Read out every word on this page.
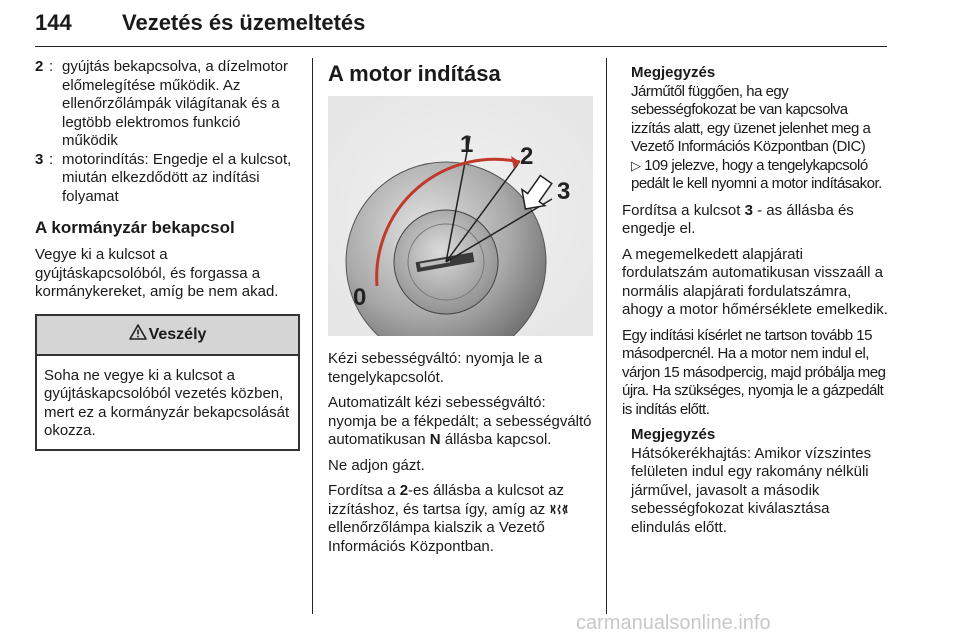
144 Vezetés és üzemeltetés
2 : gyújtás bekapcsolva, a dízelmotor előmelegítése működik. Az ellenőrzőlámpák világítanak és a legtöbb elektromos funkció működik
3 : motorindítás: Engedje el a kulcsot, miután elkezdődött az indítási folyamat
A kormányzár bekapcsol

Vegye ki a kulcsot a gyújtáskapcsolóból, és forgassa a kormánykereket, amíg be nem akad.

Veszély
Soha ne vegye ki a kulcsot a gyújtáskapcsolóból vezetés közben, mert ez a kormányzár bekapcsolását okozza.
A motor indítása
1 2
3
0

Kézi sebességváltó: nyomja le a tengelykapcsolót.

Automatizált kézi sebességváltó: nyomja be a fékpedált; a sebességváltó automatikusan N állásba kapcsol.

Ne adjon gázt.

Fordítsa a 2-es állásba a kulcsot az izzításhoz, és tartsa így, amíg az  ellenőrzőlámpa kialszik a Vezető Információs Központban.

Megjegyzés
Járműtől függően, ha egy sebességfokozat be van kapcsolva izzítás alatt, egy üzenet jelenhet meg a Vezető Információs Központban (DIC) ▷ 109 jelezve, hogy a tengelykapcsoló pedált le kell nyomni a motor indításakor.

Fordítsa a kulcsot 3 - as állásba és engedje el.

A megemelkedett alapjárati fordulatszám automatikusan visszaáll a normális alapjárati fordulatszámra, ahogy a motor hőmérséklete emelkedik.

Egy indítási kísérlet ne tartson tovább 15 másodpercnél. Ha a motor nem indul el, várjon 15 másodpercig, majd próbálja meg újra. Ha szükséges, nyomja le a gázpedált is indítás előtt.

Megjegyzés
Hátsókerékhajtás: Amikor vízszintes felületen indul egy rakomány nélküli járművel, javasolt a második sebességfokozat kiválasztása elindulás előtt.
carmanualsonline.info
